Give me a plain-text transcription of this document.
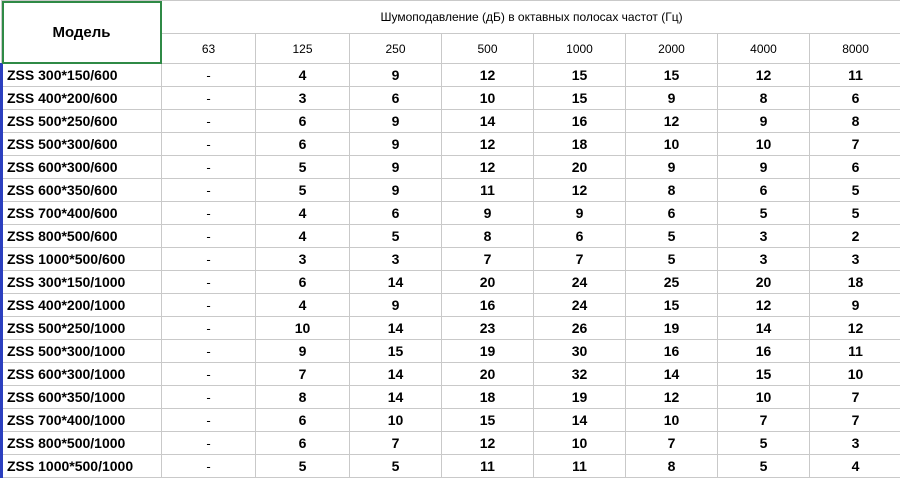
Модель	Шумоподавление (дБ) в октавных полосах частот (Гц)							
	63	125	250	500	1000	2000	4000	8000
ZSS 300*150/600	-	4	9	12	15	15	12	11
ZSS 400*200/600	-	3	6	10	15	9	8	6
ZSS 500*250/600	-	6	9	14	16	12	9	8
ZSS 500*300/600	-	6	9	12	18	10	10	7
ZSS 600*300/600	-	5	9	12	20	9	9	6
ZSS 600*350/600	-	5	9	11	12	8	6	5
ZSS 700*400/600	-	4	6	9	9	6	5	5
ZSS 800*500/600	-	4	5	8	6	5	3	2
ZSS 1000*500/600	-	3	3	7	7	5	3	3
ZSS 300*150/1000	-	6	14	20	24	25	20	18
ZSS 400*200/1000	-	4	9	16	24	15	12	9
ZSS 500*250/1000	-	10	14	23	26	19	14	12
ZSS 500*300/1000	-	9	15	19	30	16	16	11
ZSS 600*300/1000	-	7	14	20	32	14	15	10
ZSS 600*350/1000	-	8	14	18	19	12	10	7
ZSS 700*400/1000	-	6	10	15	14	10	7	7
ZSS 800*500/1000	-	6	7	12	10	7	5	3
ZSS 1000*500/1000	-	5	5	11	11	8	5	4
